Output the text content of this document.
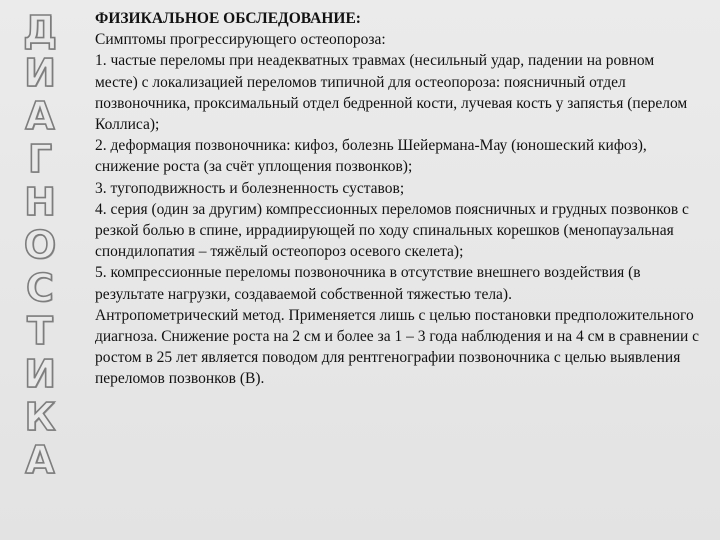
Д
И
А
Г
Н
О
С
Т
И
К
А

ФИЗИКАЛЬНОЕ ОБСЛЕДОВАНИЕ:

Симптомы прогрессирующего остеопороза:

1. частые переломы при неадекватных травмах (несильный удар, падении на ровном месте) с локализацией переломов типичной для остеопороза: поясничный отдел позвоночника, проксимальный отдел бедренной кости, лучевая кость у запястья (перелом Коллиса);

2. деформация позвоночника: кифоз, болезнь Шейермана-Мау (юношеский кифоз), снижение роста (за счёт уплощения позвонков);

3. тугоподвижность и болезненность суставов;

4. серия (один за другим) компрессионных переломов поясничных и грудных позвонков с резкой болью в спине, иррадиирующей по ходу спинальных корешков (менопаузальная спондилопатия – тяжёлый остеопороз осевого скелета);

5. компрессионные переломы позвоночника в отсутствие внешнего воздействия (в результате нагрузки, создаваемой собственной тяжестью тела).

Антропометрический метод. Применяется лишь с целью постановки предположительного диагноза. Снижение роста на 2 см и более за 1 – 3 года наблюдения и на 4 см в сравнении с ростом в 25 лет является поводом для рентгенографии позвоночника с целью выявления переломов позвонков (В).
